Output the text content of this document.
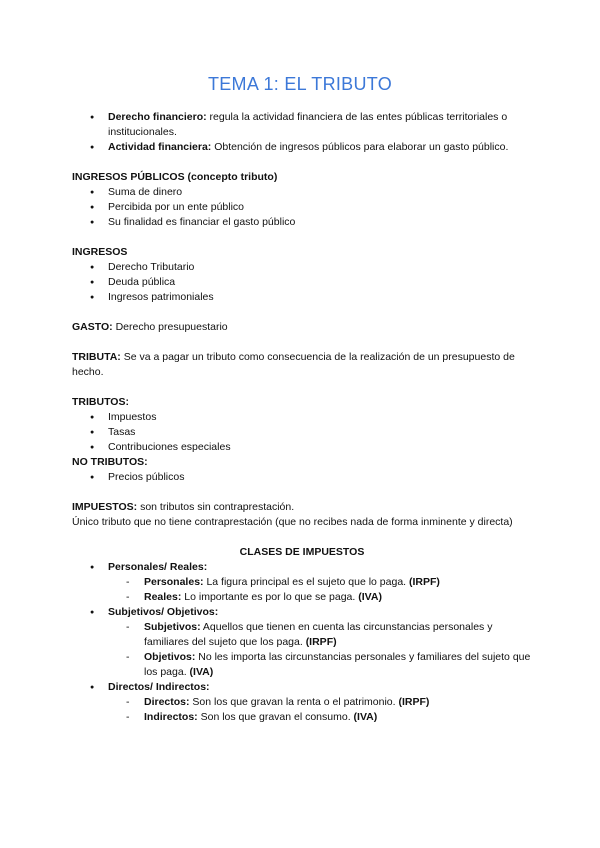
TEMA 1: EL TRIBUTO
● Derecho financiero: regula la actividad financiera de las entes públicas territoriales o institucionales.
● Actividad financiera: Obtención de ingresos públicos para elaborar un gasto público.

INGRESOS PÚBLICOS (concepto tributo)

● Suma de dinero
● Percibida por un ente público
● Su finalidad es financiar el gasto público

INGRESOS

● Derecho Tributario
● Deuda pública
● Ingresos patrimoniales

GASTO: Derecho presupuestario

TRIBUTA: Se va a pagar un tributo como consecuencia de la realización de un presupuesto de hecho.

TRIBUTOS:

● Impuestos
● Tasas
● Contribuciones especiales

NO TRIBUTOS:

● Precios públicos

IMPUESTOS: son tributos sin contraprestación.

Único tributo que no tiene contraprestación (que no recibes nada de forma inminente y directa)

CLASES DE IMPUESTOS

● Personales/ Reales:
- Personales: La figura principal es el sujeto que lo paga. (IRPF)
- Reales: Lo importante es por lo que se paga. (IVA)
● Subjetivos/ Objetivos:
- Subjetivos: Aquellos que tienen en cuenta las circunstancias personales y familiares del sujeto que los paga. (IRPF)
- Objetivos: No les importa las circunstancias personales y familiares del sujeto que los paga. (IVA)
● Directos/ Indirectos:
- Directos: Son los que gravan la renta o el patrimonio. (IRPF)
- Indirectos: Son los que gravan el consumo. (IVA)
